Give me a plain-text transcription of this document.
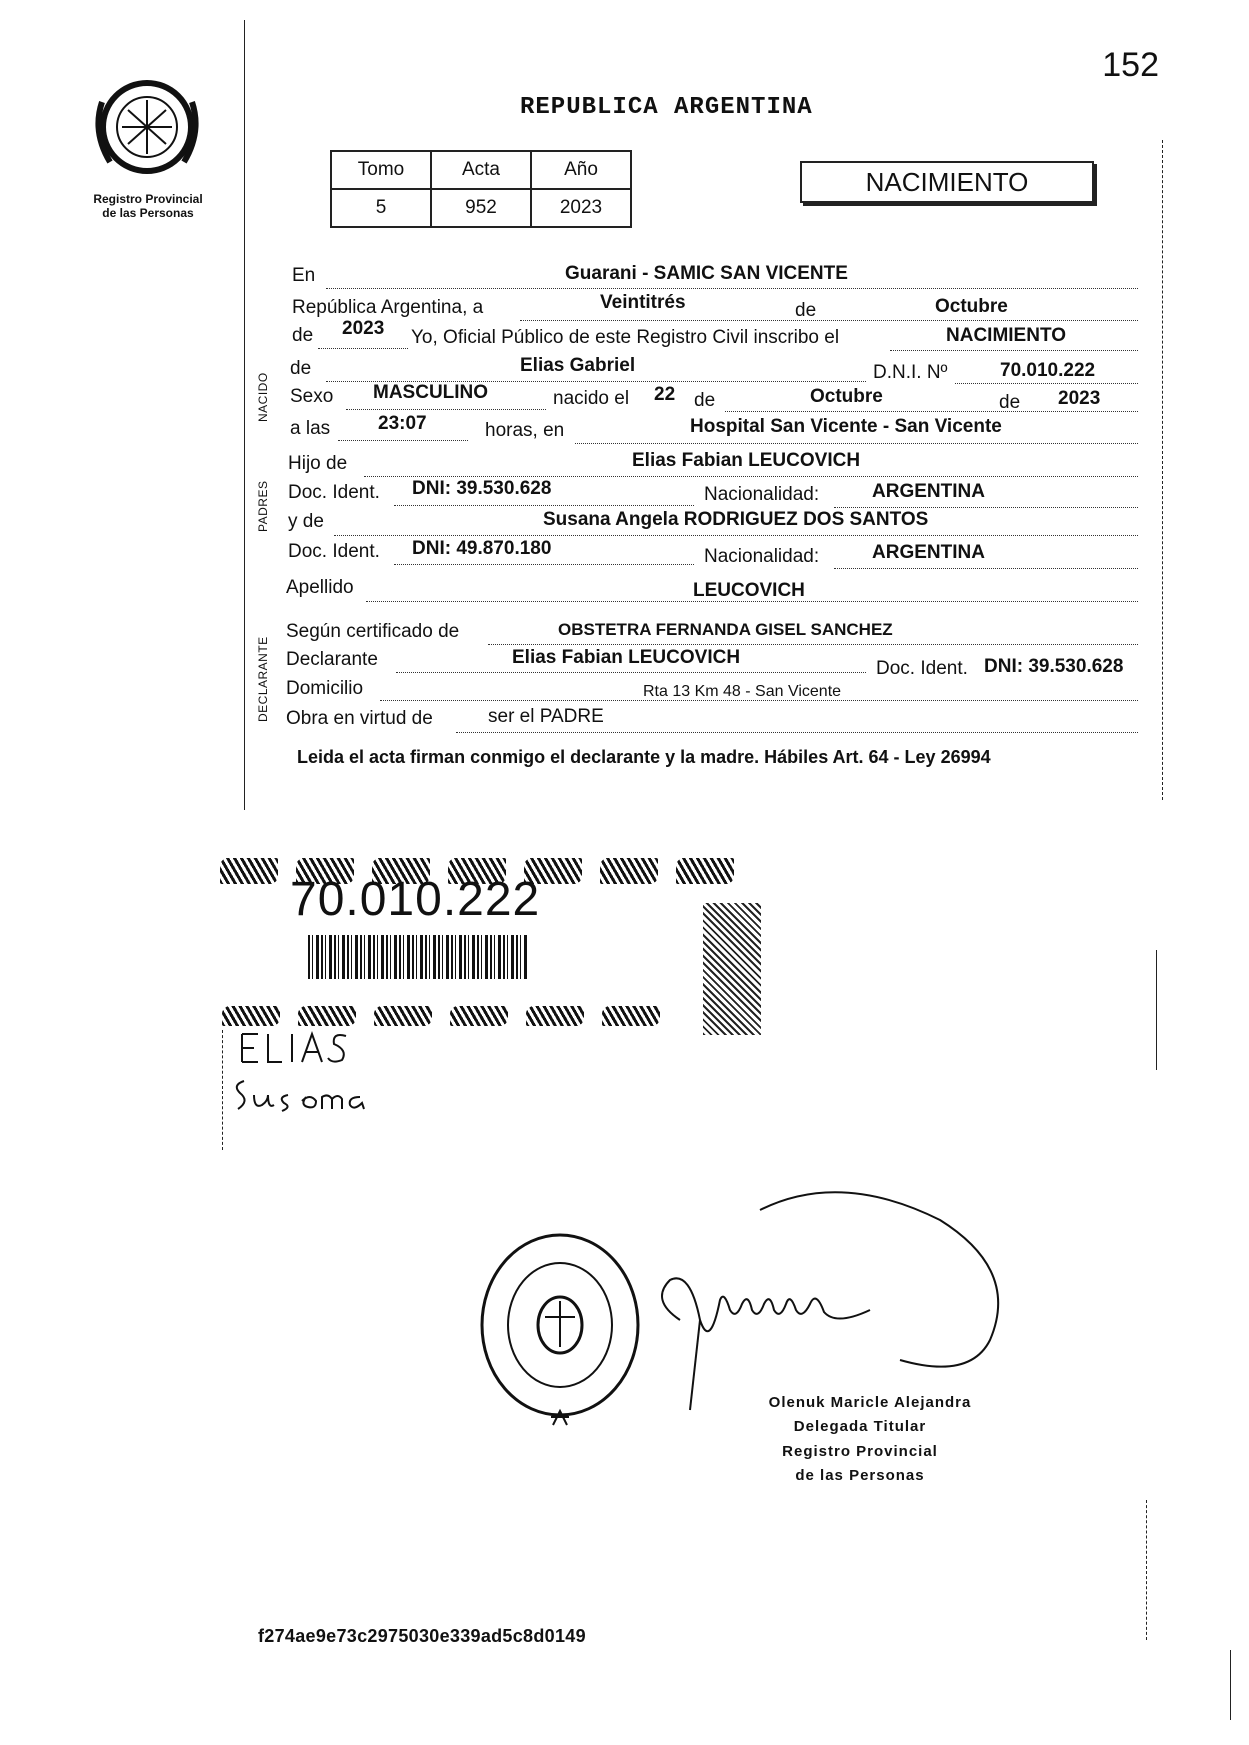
152
Registro Provincial
de las Personas
REPUBLICA ARGENTINA
Tomo	Acta	Año
5	952	2023
NACIMIENTO
NACIDO
PADRES
DECLARANTE
En	Guarani - SAMIC SAN VICENTE
República Argentina, a	Veintitrés	de	Octubre
de 2023 Yo, Oficial Público de este Registro Civil inscribo el	NACIMIENTO
de	Elias Gabriel	D.N.I. Nº	70.010.222
Sexo MASCULINO	nacido el 22 de	Octubre	de 2023
a las	23:07	horas, en	Hospital San Vicente - San Vicente
Hijo de	Elias Fabian LEUCOVICH
Doc. Ident. DNI: 39.530.628	Nacionalidad:	ARGENTINA
y de	Susana Angela RODRIGUEZ DOS SANTOS
Doc. Ident. DNI: 49.870.180	Nacionalidad:	ARGENTINA
Apellido	LEUCOVICH
Según certificado de	OBSTETRA FERNANDA GISEL SANCHEZ
Declarante	Elias Fabian LEUCOVICH
Doc. Ident. DNI: 39.530.628
Domicilio	Rta 13 Km 48 - San Vicente
Obra en virtud de	ser el PADRE
Leida el acta firman conmigo el declarante y la madre. Hábiles Art. 64 - Ley 26994
70.010.222
Olenuk Maricle Alejandra
Delegada Titular
Registro Provincial
de las Personas
f274ae9e73c2975030e339ad5c8d0149
